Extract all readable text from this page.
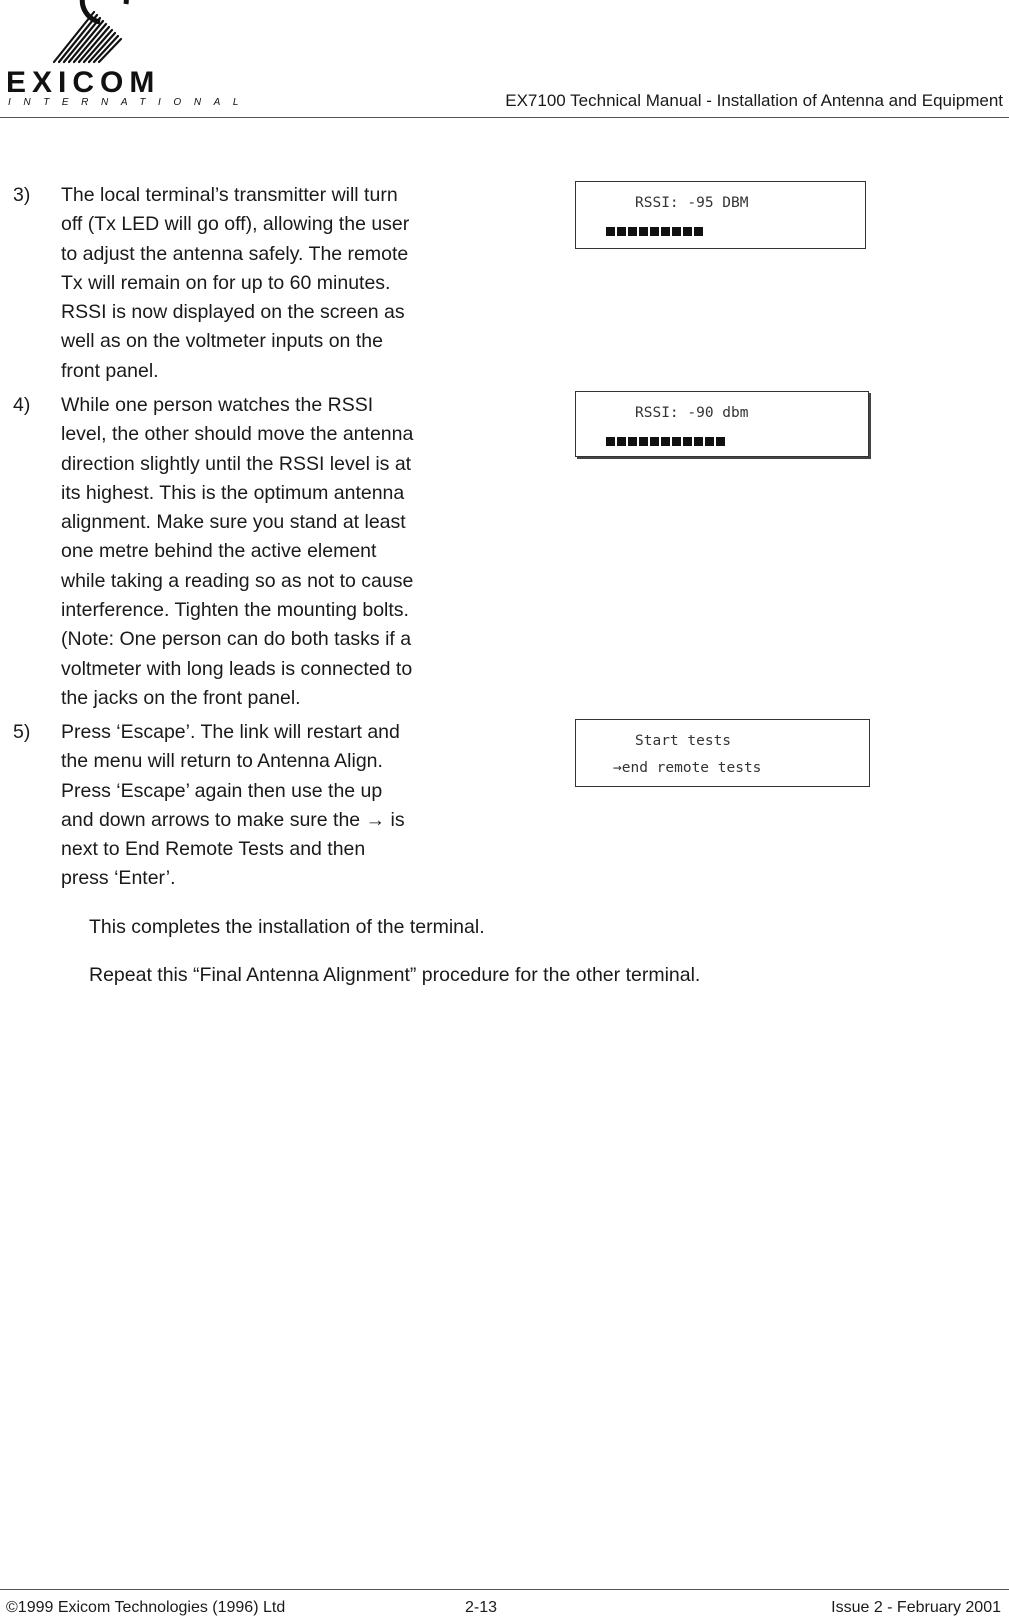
EXICOM
INTERNATIONAL	EX7100 Technical Manual - Installation of Antenna and Equipment
3) The local terminal’s transmitter will turn
off (Tx LED will go off), allowing the user
to adjust the antenna safely. The remote
Tx will remain on for up to 60 minutes.
RSSI is now displayed on the screen as
well as on the voltmeter inputs on the
front panel.
4) While one person watches the RSSI
level, the other should move the antenna
direction slightly until the RSSI level is at
its highest. This is the optimum antenna
alignment. Make sure you stand at least
one metre behind the active element
while taking a reading so as not to cause
interference. Tighten the mounting bolts.
(Note: One person can do both tasks if a
voltmeter with long leads is connected to
the jacks on the front panel.
5) Press ‘Escape’. The link will restart and
the menu will return to Antenna Align.
Press ‘Escape’ again then use the up
and down arrows to make sure the → is
next to End Remote Tests and then
press ‘Enter’.
RSSI: -95 DBM
RSSI: -90 dbm
Start tests
→end remote tests
This completes the installation of the terminal.
Repeat this “Final Antenna Alignment” procedure for the other terminal.
©1999 Exicom Technologies (1996) Ltd	2-13	Issue 2 - February 2001
